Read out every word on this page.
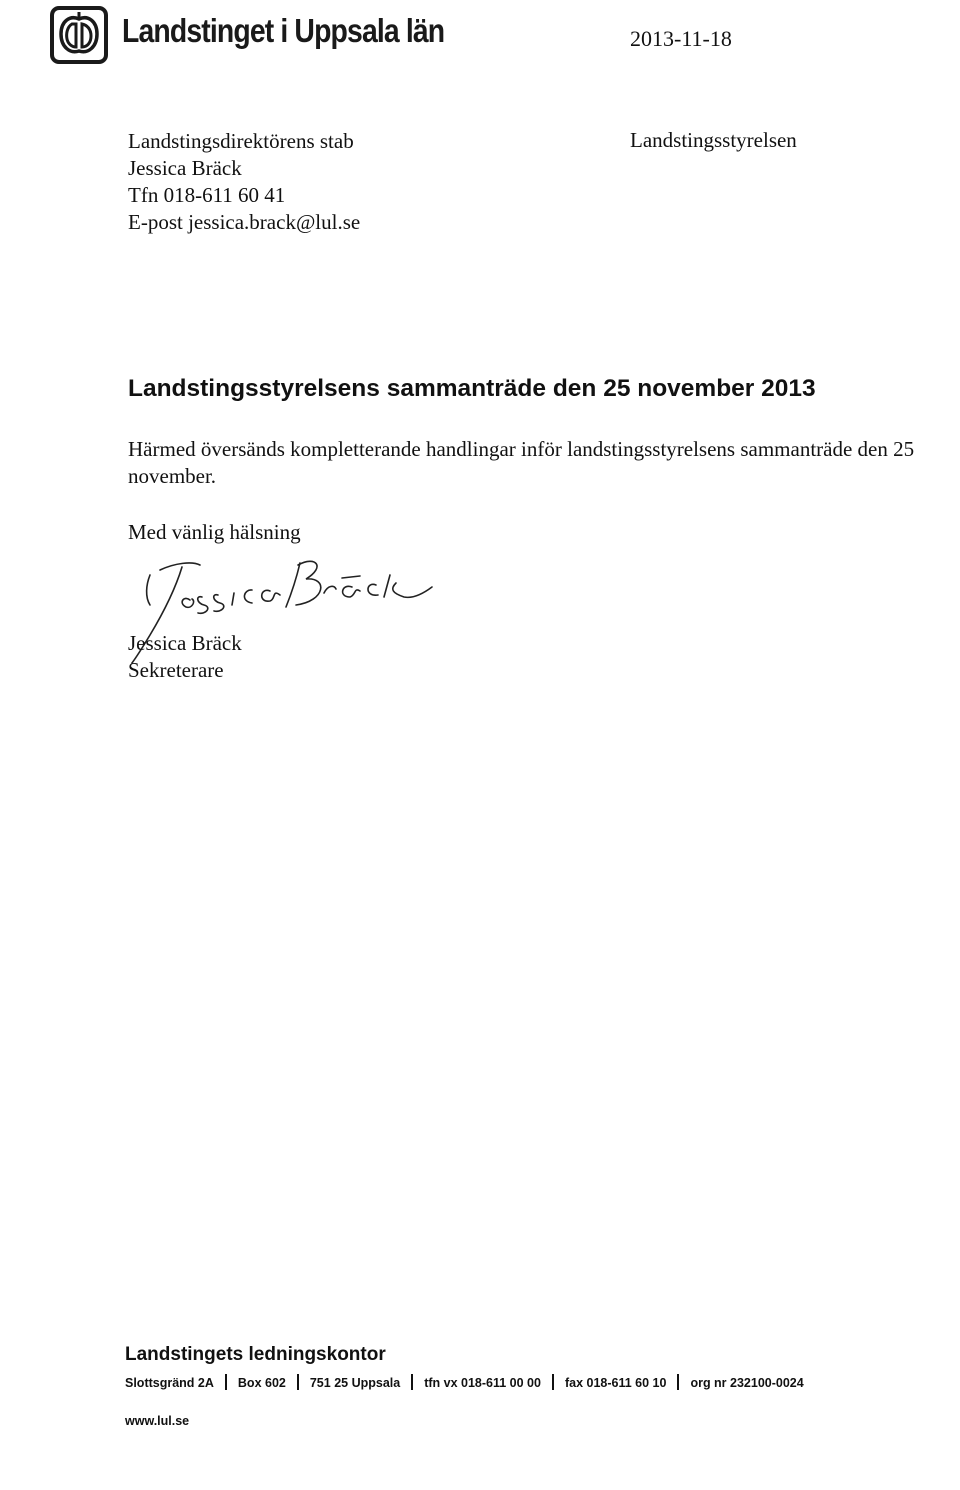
Landstinget i Uppsala län	2013-11-18
Landstingsdirektörens stab
Jessica Bräck
Tfn 018-611 60 41
E-post jessica.brack@lul.se
Landstingsstyrelsen
Landstingsstyrelsens sammanträde den 25 november 2013
Härmed översänds kompletterande handlingar inför landstingsstyrelsens sammanträde den 25 november.
Med vänlig hälsning
Jessica Bräck
Sekreterare
Landstingets ledningskontor
Slottsgränd 2A Box 602 751 25 Uppsala tfn vx 018-611 00 00 fax 018-611 60 10 org nr 232100-0024
www.lul.se
